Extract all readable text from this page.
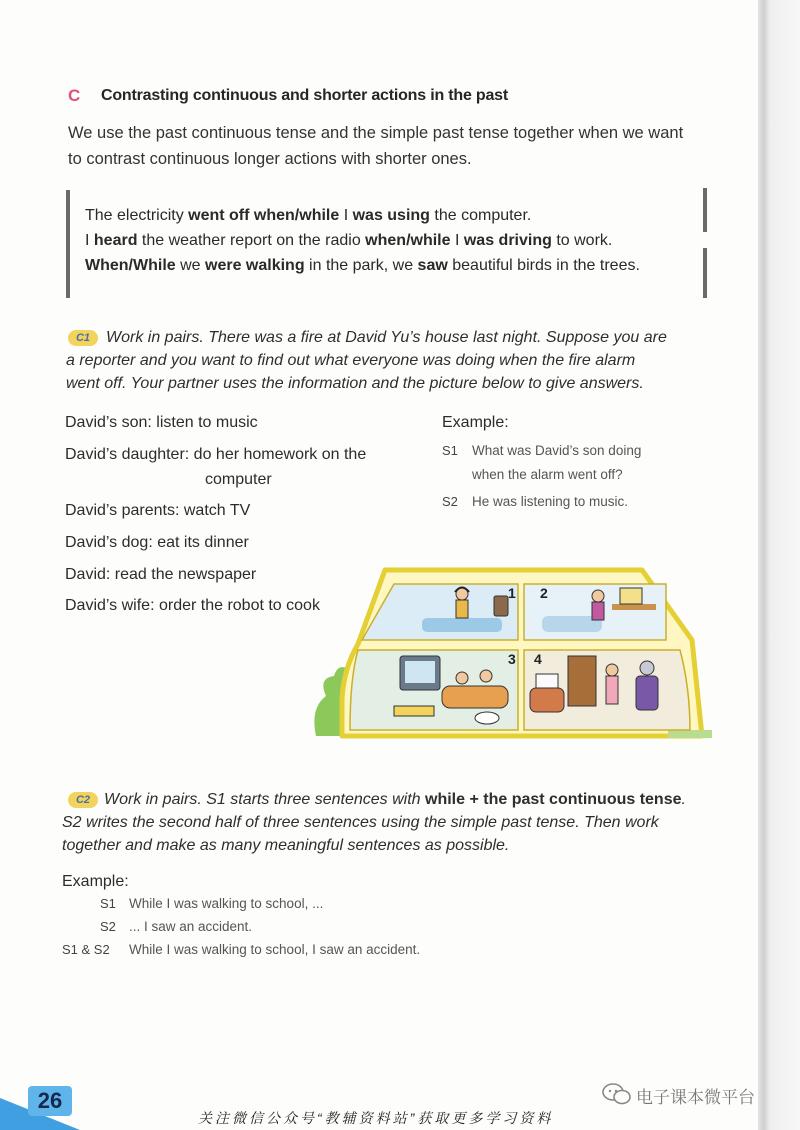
C Contrasting continuous and shorter actions in the past
We use the past continuous tense and the simple past tense together when we want
to contrast continuous longer actions with shorter ones.
The electricity went off when/while I was using the computer.
I heard the weather report on the radio when/while I was driving to work.
When/While we were walking in the park, we saw beautiful birds in the trees.
C1 Work in pairs. There was a fire at David Yu’s house last night. Suppose you are
a reporter and you want to find out what everyone was doing when the fire alarm
went off. Your partner uses the information and the picture below to give answers.
David’s son: listen to music
David’s daughter: do her homework on the
computer
David’s parents: watch TV
David’s dog: eat its dinner
David: read the newspaper
David’s wife: order the robot to cook
Example:
S1 What was David’s son doing
when the alarm went off?
S2 He was listening to music.
1 2
3 4
C2 Work in pairs. S1 starts three sentences with while + the past continuous tense.
S2 writes the second half of three sentences using the simple past tense. Then work
together and make as many meaningful sentences as possible.
Example:
S1 While I was walking to school, ...
S2 ... I saw an accident.
S1 & S2 While I was walking to school, I saw an accident.
26	电子课本微平台
关注微信公众号“教辅资料站”获取更多学习资料
